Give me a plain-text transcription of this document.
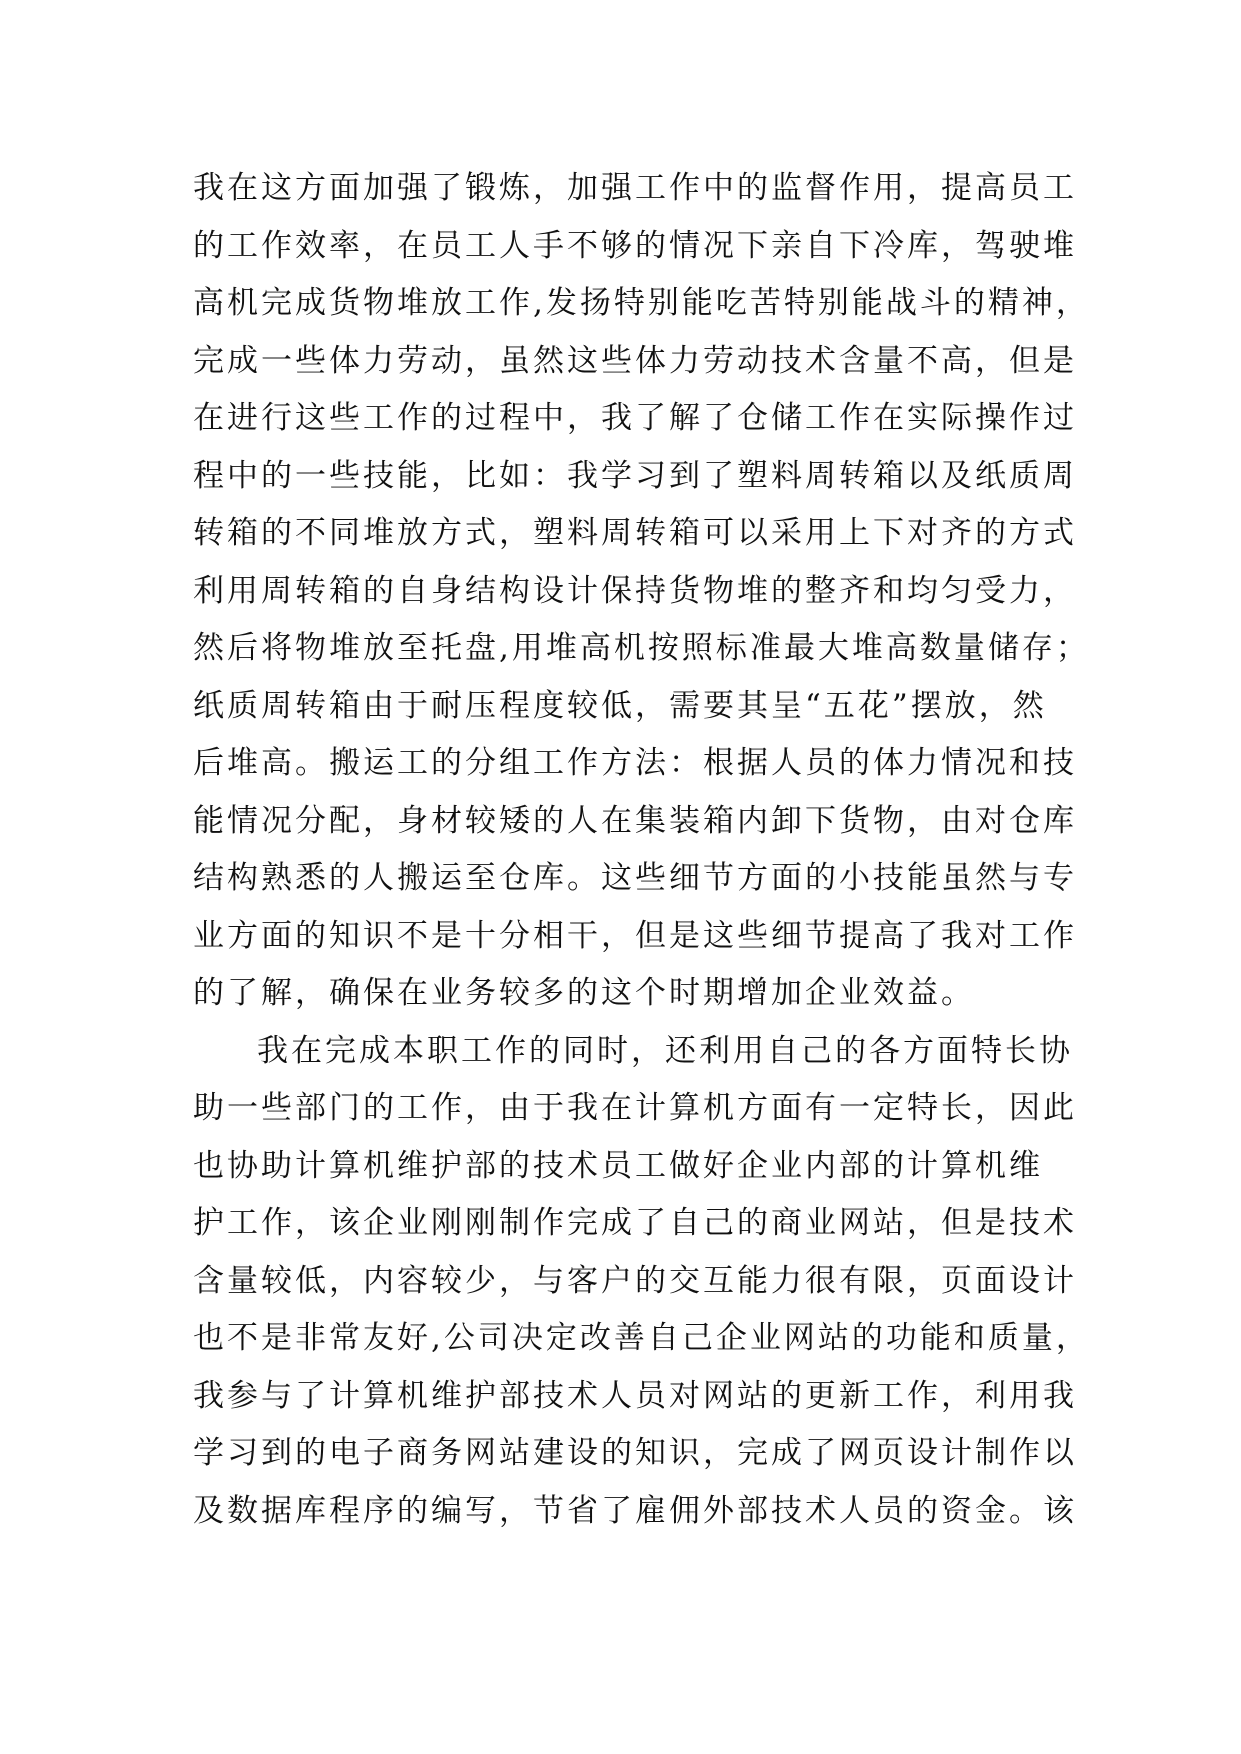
我在这方面加强了锻炼，加强工作中的监督作用，提高员工
的工作效率，在员工人手不够的情况下亲自下冷库，驾驶堆
高机完成货物堆放工作,发扬特别能吃苦特别能战斗的精神，
完成一些体力劳动，虽然这些体力劳动技术含量不高，但是
在进行这些工作的过程中，我了解了仓储工作在实际操作过
程中的一些技能，比如：我学习到了塑料周转箱以及纸质周
转箱的不同堆放方式，塑料周转箱可以采用上下对齐的方式
利用周转箱的自身结构设计保持货物堆的整齐和均匀受力，
然后将物堆放至托盘,用堆高机按照标准最大堆高数量储存；
纸质周转箱由于耐压程度较低，需要其呈“五花”摆放，然
后堆高。搬运工的分组工作方法：根据人员的体力情况和技
能情况分配，身材较矮的人在集装箱内卸下货物，由对仓库
结构熟悉的人搬运至仓库。这些细节方面的小技能虽然与专
业方面的知识不是十分相干，但是这些细节提高了我对工作
的了解，确保在业务较多的这个时期增加企业效益。
我在完成本职工作的同时，还利用自己的各方面特长协
助一些部门的工作，由于我在计算机方面有一定特长，因此
也协助计算机维护部的技术员工做好企业内部的计算机维
护工作，该企业刚刚制作完成了自己的商业网站，但是技术
含量较低，内容较少，与客户的交互能力很有限，页面设计
也不是非常友好,公司决定改善自己企业网站的功能和质量，
我参与了计算机维护部技术人员对网站的更新工作，利用我
学习到的电子商务网站建设的知识，完成了网页设计制作以
及数据库程序的编写，节省了雇佣外部技术人员的资金。该
